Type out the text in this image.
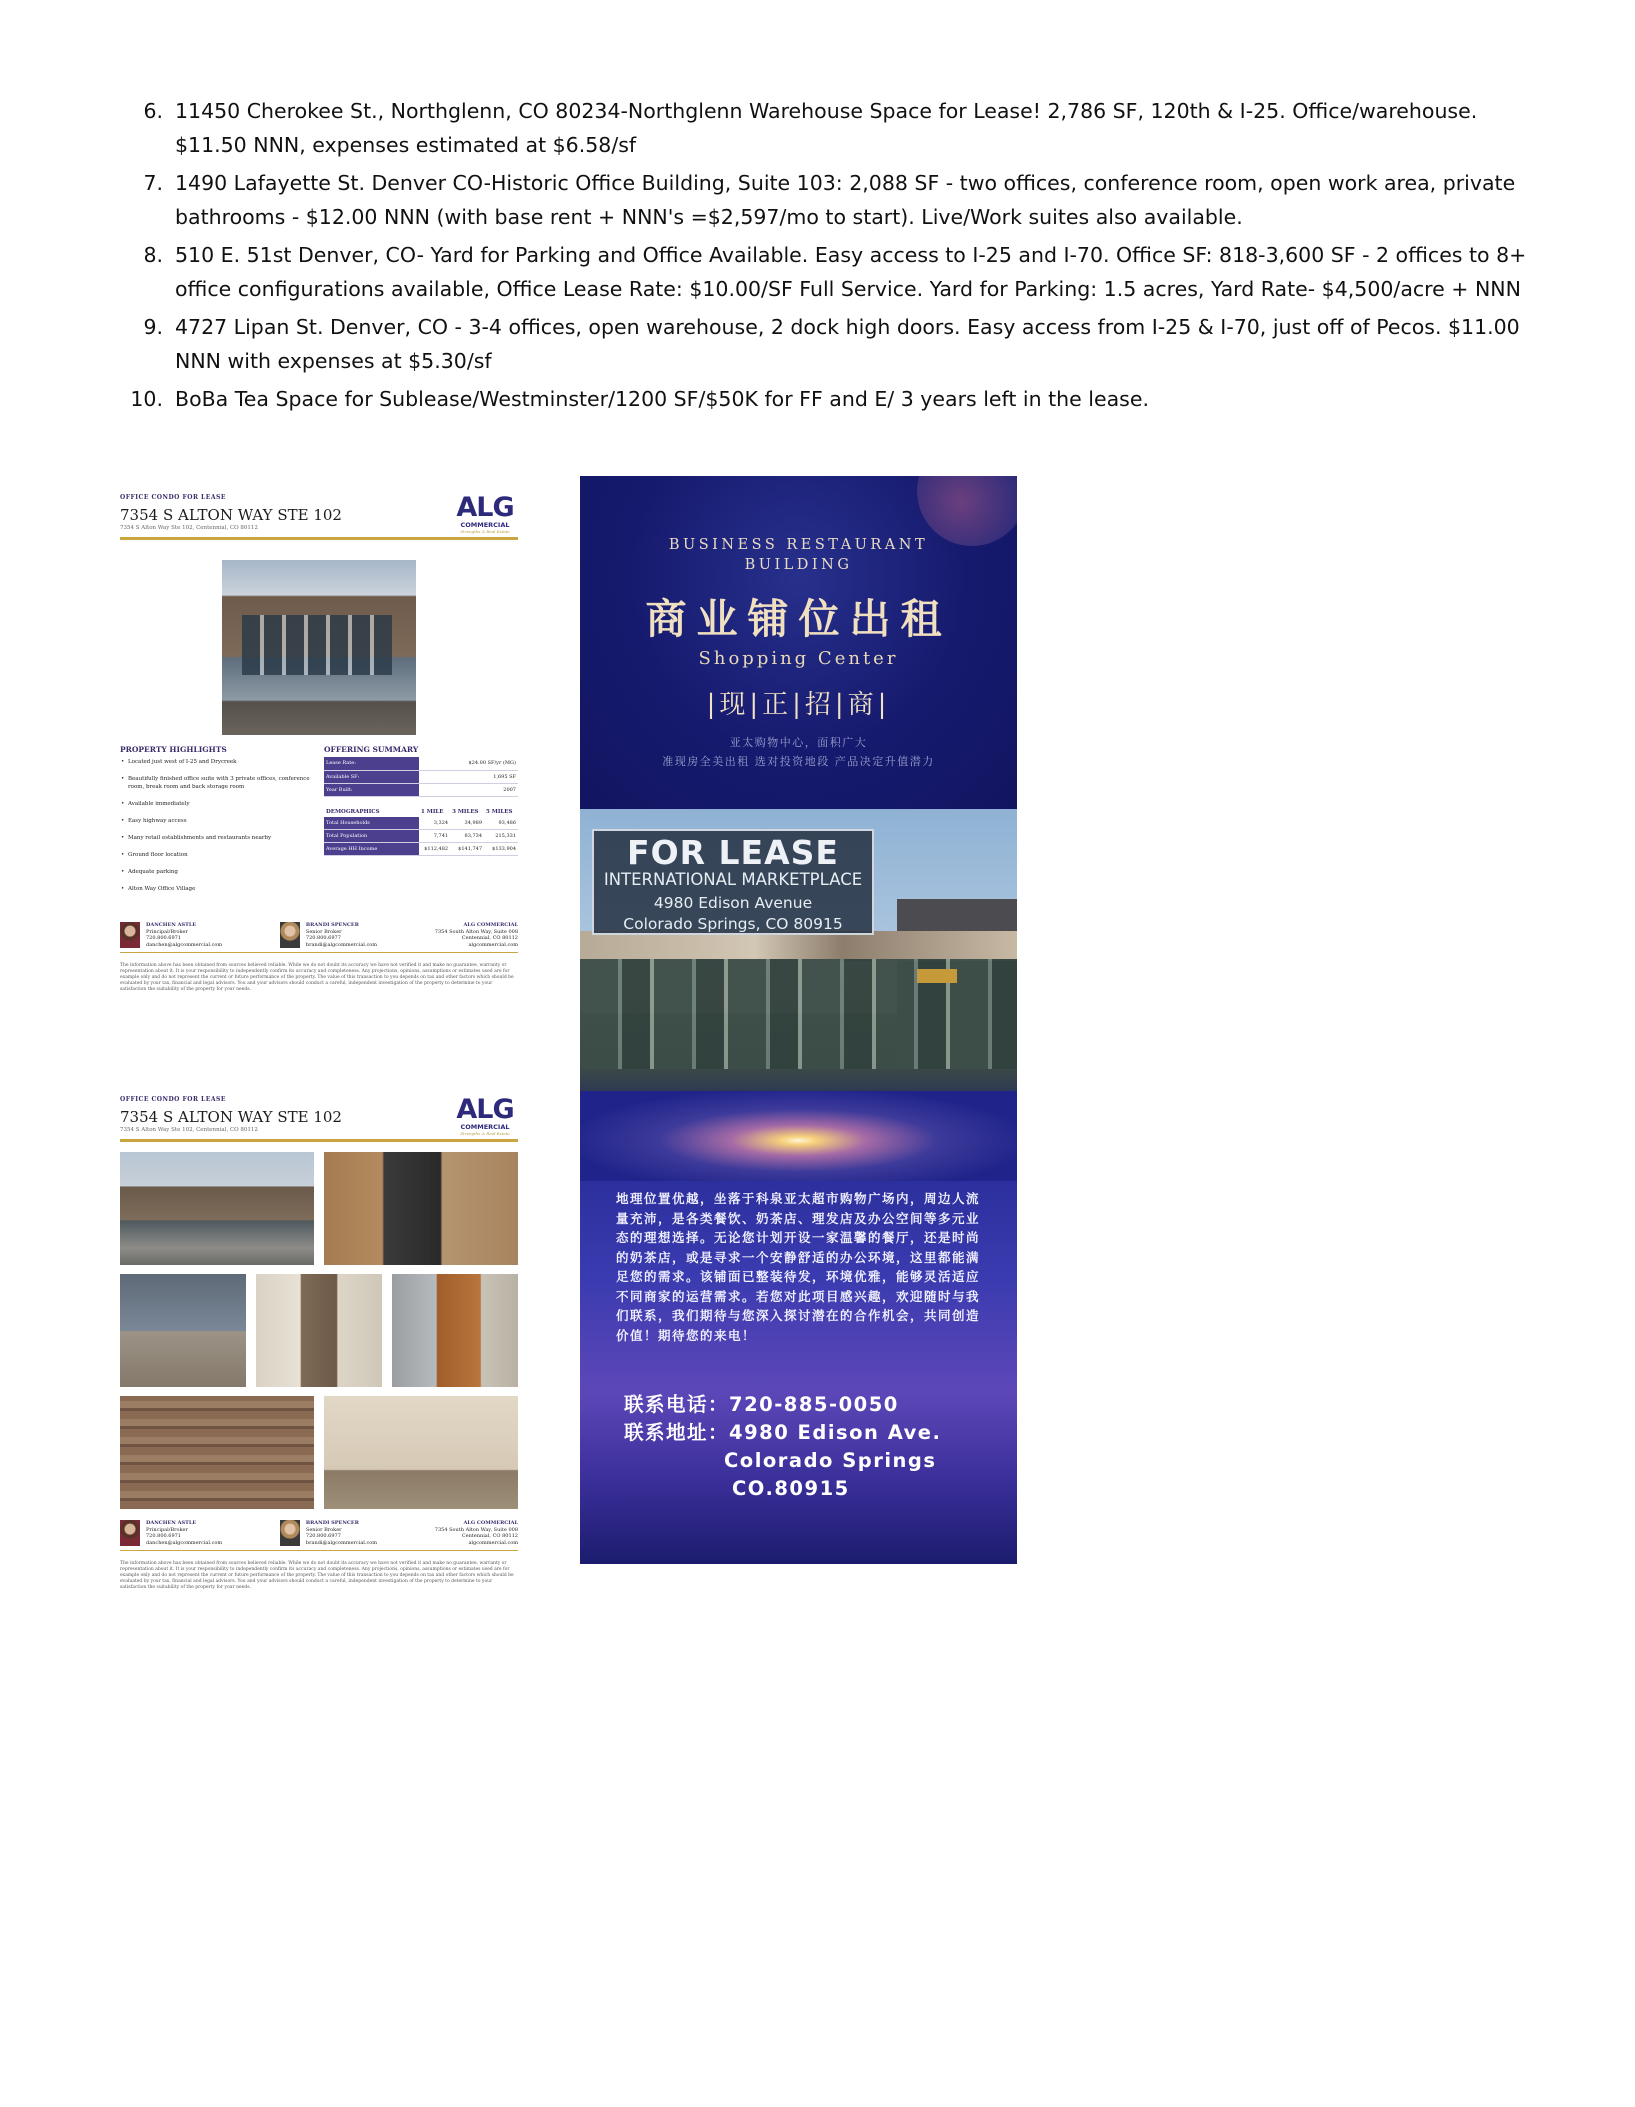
6. 11450 Cherokee St., Northglenn, CO 80234-Northglenn Warehouse Space for Lease! 2,786 SF, 120th & I-25. Office/warehouse. $11.50 NNN, expenses estimated at $6.58/sf
7. 1490 Lafayette St. Denver CO-Historic Office Building, Suite 103: 2,088 SF - two offices, conference room, open work area, private bathrooms - $12.00 NNN (with base rent + NNN's =$2,597/mo to start). Live/Work suites also available.
8. 510 E. 51st Denver, CO- Yard for Parking and Office Available. Easy access to I-25 and I-70. Office SF: 818-3,600 SF - 2 offices to 8+ office configurations available, Office Lease Rate: $10.00/SF Full Service. Yard for Parking: 1.5 acres, Yard Rate- $4,500/acre + NNN
9. 4727 Lipan St. Denver, CO - 3-4 offices, open warehouse, 2 dock high doors. Easy access from I-25 & I-70, just off of Pecos. $11.00 NNN with expenses at $5.30/sf
10. BoBa Tea Space for Sublease/Westminster/1200 SF/$50K for FF and E/ 3 years left in the lease.
OFFICE CONDO FOR LEASE
7354 S ALTON WAY STE 102
7354 S Alton Way Ste 102, Centennial, CO 80112
ALG
COMMERCIAL
Strengths & Real Estate
PROPERTY HIGHLIGHTS
• Located just west of I-25 and Drycreek
• Beautifully finished office suite with 3 private offices, conference room, break room and back storage room
• Available immediately
• Easy highway access
• Many retail establishments and restaurants nearby
• Ground floor location
• Adequate parking
• Alton Way Office Village
OFFERING SUMMARY
Lease Rate:	$24.00 SF/yr (MG)
Available SF:	1,695 SF
Year Built:	2007
DEMOGRAPHICS	1 MILE	3 MILES	5 MILES
Total Households	3,324	34,989	93,486
Total Population	7,741	83,734	215,331
Average HH Income	$112,482	$141,747	$133,904
DANCHEN ASTLE
Principal/Broker
720.800.6971
danchen@algcommercial.com
BRANDI SPENCER
Senior Broker
720.800.6977
brandi@algcommercial.com
ALG COMMERCIAL
7354 South Alton Way, Suite 008
Centennial, CO 80112
algcommercial.com
The information above has been obtained from sources believed reliable. While we do not doubt its accuracy we have not verified it and make no guarantee, warranty or representation about it. It is your responsibility to independently confirm its accuracy and completeness. Any projections, opinions, assumptions or estimates used are for example only and do not represent the current or future performance of the property. The value of this transaction to you depends on tax and other factors which should be evaluated by your tax, financial and legal advisors. You and your advisors should conduct a careful, independent investigation of the property to determine to your satisfaction the suitability of the property for your needs.
OFFICE CONDO FOR LEASE
7354 S ALTON WAY STE 102
7354 S Alton Way Ste 102, Centennial, CO 80112
ALG
COMMERCIAL
Strengths & Real Estate
DANCHEN ASTLE
Principal/Broker
720.800.6971
danchen@algcommercial.com
BRANDI SPENCER
Senior Broker
720.800.6977
brandi@algcommercial.com
ALG COMMERCIAL
7354 South Alton Way, Suite 008
Centennial, CO 80112
algcommercial.com
The information above has been obtained from sources believed reliable. While we do not doubt its accuracy we have not verified it and make no guarantee, warranty or representation about it. It is your responsibility to independently confirm its accuracy and completeness. Any projections, opinions, assumptions or estimates used are for example only and do not represent the current or future performance of the property. The value of this transaction to you depends on tax and other factors which should be evaluated by your tax, financial and legal advisors. You and your advisors should conduct a careful, independent investigation of the property to determine to your satisfaction the suitability of the property for your needs.
BUSINESS RESTAURANT
BUILDING
商业铺位出租
Shopping Center
|现|正|招|商|
亚太购物中心，面积广大
准现房全美出租 选对投资地段 产品决定升值潜力
FOR LEASE
INTERNATIONAL MARKETPLACE
4980 Edison Avenue
Colorado Springs, CO 80915
地理位置优越，坐落于科泉亚太超市购物广场内，周边人流量充沛，是各类餐饮、奶茶店、理发店及办公空间等多元业态的理想选择。无论您计划开设一家温馨的餐厅，还是时尚的奶茶店，或是寻求一个安静舒适的办公环境，这里都能满足您的需求。该铺面已整装待发，环境优雅，能够灵活适应不同商家的运营需求。若您对此项目感兴趣，欢迎随时与我们联系，我们期待与您深入探讨潜在的合作机会，共同创造价值！期待您的来电！
联系电话：720-885-0050
联系地址：4980 Edison Ave.
Colorado Springs
CO.80915
